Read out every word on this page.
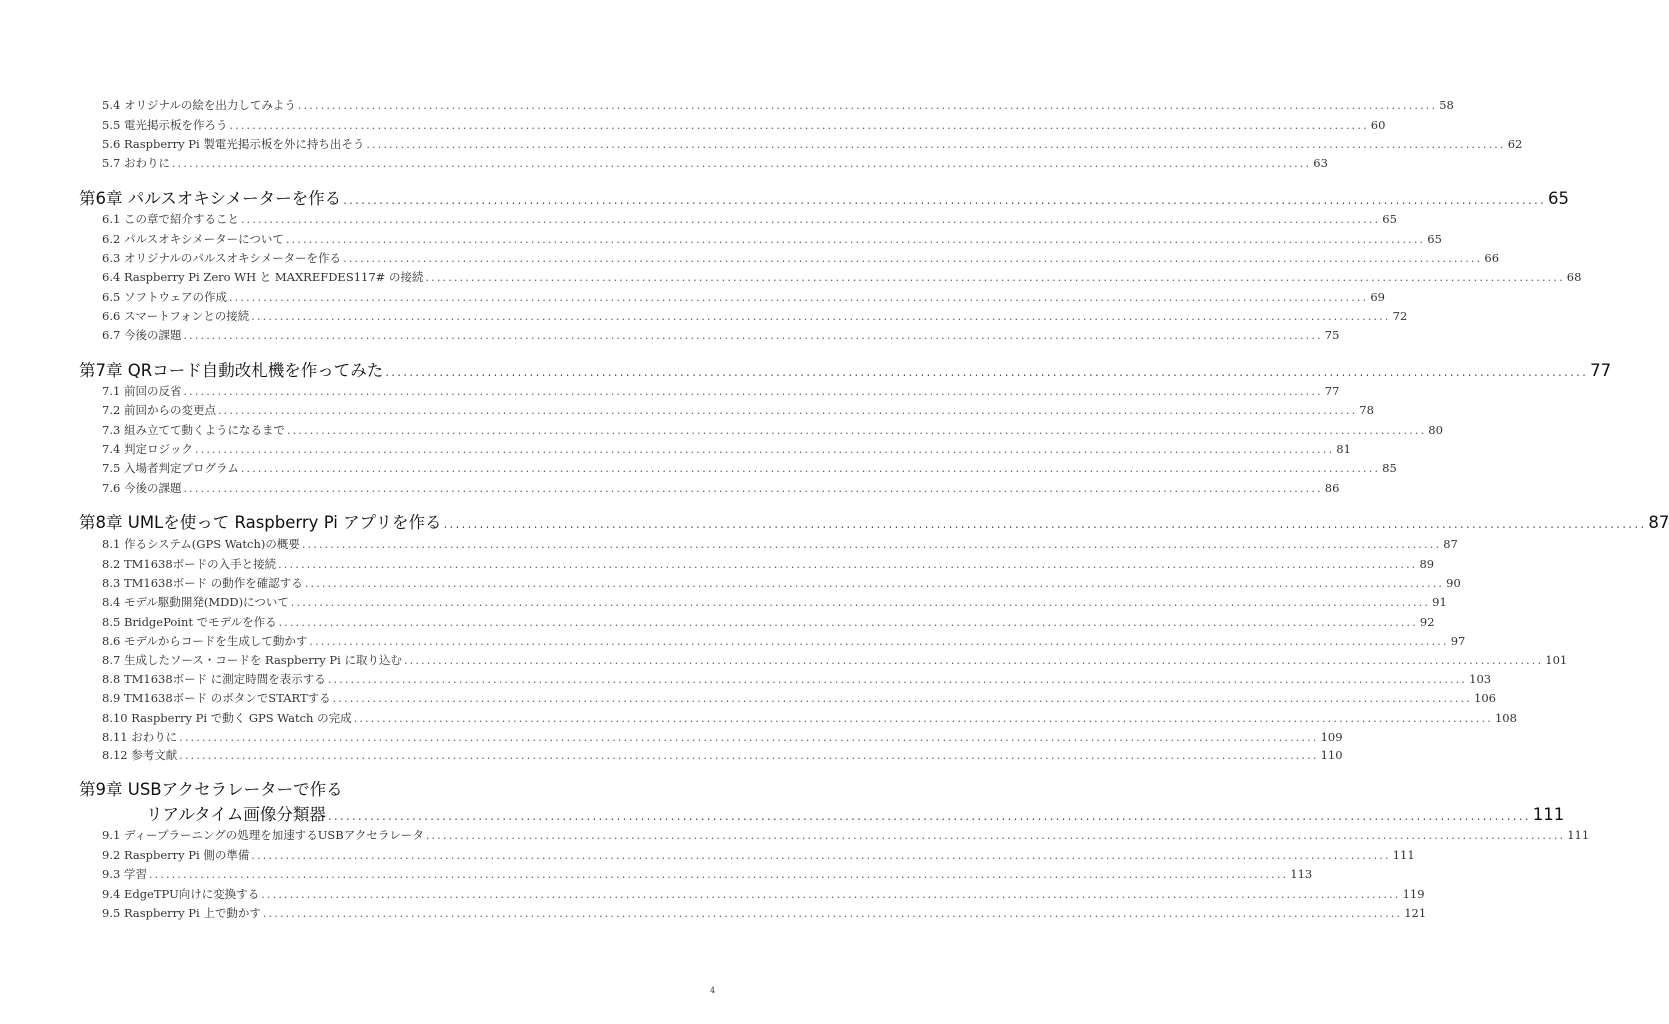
5.4 オリジナルの絵を出力してみよう ........................................................................................................................................................................................................ 58
5.5 電光掲示板を作ろう ........................................................................................................................................................................................................ 60
5.6 Raspberry Pi 製電光掲示板を外に持ち出そう ........................................................................................................................................................................................................ 62
5.7 おわりに ........................................................................................................................................................................................................ 63
第6章 パルスオキシメーターを作る ........................................................................................................................................................................................................ 65
6.1 この章で紹介すること ........................................................................................................................................................................................................ 65
6.2 パルスオキシメーターについて ........................................................................................................................................................................................................ 65
6.3 オリジナルのパルスオキシメーターを作る ........................................................................................................................................................................................................ 66
6.4 Raspberry Pi Zero WH と MAXREFDES117# の接続 ........................................................................................................................................................................................................ 68
6.5 ソフトウェアの作成 ........................................................................................................................................................................................................ 69
6.6 スマートフォンとの接続 ........................................................................................................................................................................................................ 72
6.7 今後の課題 ........................................................................................................................................................................................................ 75
第7章 QRコード自動改札機を作ってみた ........................................................................................................................................................................................................ 77
7.1 前回の反省 ........................................................................................................................................................................................................ 77
7.2 前回からの変更点 ........................................................................................................................................................................................................ 78
7.3 組み立てて動くようになるまで ........................................................................................................................................................................................................ 80
7.4 判定ロジック ........................................................................................................................................................................................................ 81
7.5 入場者判定プログラム ........................................................................................................................................................................................................ 85
7.6 今後の課題 ........................................................................................................................................................................................................ 86
第8章 UMLを使って Raspberry Pi アプリを作る ........................................................................................................................................................................................................ 87
8.1 作るシステム(GPS Watch)の概要 ........................................................................................................................................................................................................ 87
8.2 TM1638ボードの入手と接続 ........................................................................................................................................................................................................ 89
8.3 TM1638ボード の動作を確認する ........................................................................................................................................................................................................ 90
8.4 モデル駆動開発(MDD)について ........................................................................................................................................................................................................ 91
8.5 BridgePoint でモデルを作る ........................................................................................................................................................................................................ 92
8.6 モデルからコードを生成して動かす ........................................................................................................................................................................................................ 97
8.7 生成したソース・コードを Raspberry Pi に取り込む ........................................................................................................................................................................................................ 101
8.8 TM1638ボード に測定時間を表示する ........................................................................................................................................................................................................ 103
8.9 TM1638ボード のボタンでSTARTする ........................................................................................................................................................................................................ 106
8.10 Raspberry Pi で動く GPS Watch の完成 ........................................................................................................................................................................................................ 108
8.11 おわりに ........................................................................................................................................................................................................ 109
8.12 参考文献 ........................................................................................................................................................................................................ 110
第9章 USBアクセラレーターで作る
リアルタイム画像分類器 ........................................................................................................................................................................................................ 111
9.1 ディープラーニングの処理を加速するUSBアクセラレータ ........................................................................................................................................................................................................ 111
9.2 Raspberry Pi 側の準備 ........................................................................................................................................................................................................ 111
9.3 学習 ........................................................................................................................................................................................................ 113
9.4 EdgeTPU向けに変換する ........................................................................................................................................................................................................ 119
9.5 Raspberry Pi 上で動かす ........................................................................................................................................................................................................ 121
4
